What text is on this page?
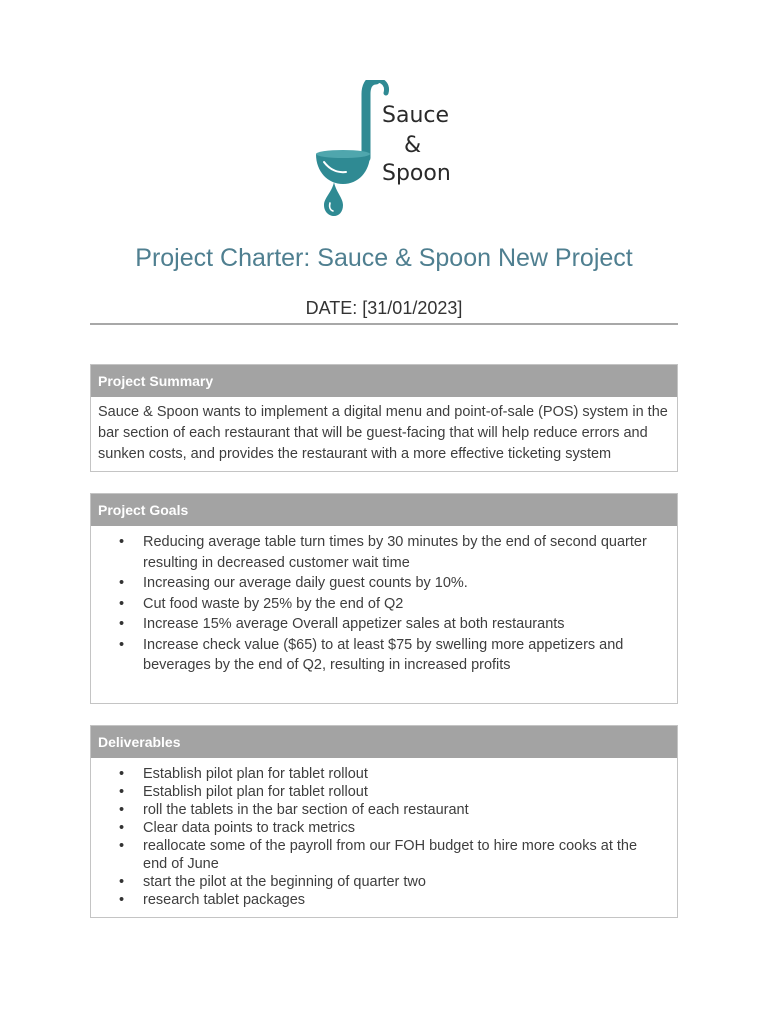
Sauce
&
Spoon
Project Charter: Sauce & Spoon New Project
DATE: [31/01/2023]
Project Summary
Sauce & Spoon wants to implement a digital menu and point-of-sale (POS) system in the bar section of each restaurant that will be guest-facing that will help reduce errors and sunken costs, and provides the restaurant with a more effective ticketing system
Project Goals
• Reducing average table turn times by 30 minutes by the end of second quarter resulting in decreased customer wait time
• Increasing our average daily guest counts by 10%.
• Cut food waste by 25% by the end of Q2
• Increase 15% average Overall appetizer sales at both restaurants
• Increase check value ($65) to at least $75 by swelling more appetizers and beverages by the end of Q2, resulting in increased profits
Deliverables
• Establish pilot plan for tablet rollout
• Establish pilot plan for tablet rollout
• roll the tablets in the bar section of each restaurant
• Clear data points to track metrics
• reallocate some of the payroll from our FOH budget to hire more cooks at the end of June
• start the pilot at the beginning of quarter two
• research tablet packages
